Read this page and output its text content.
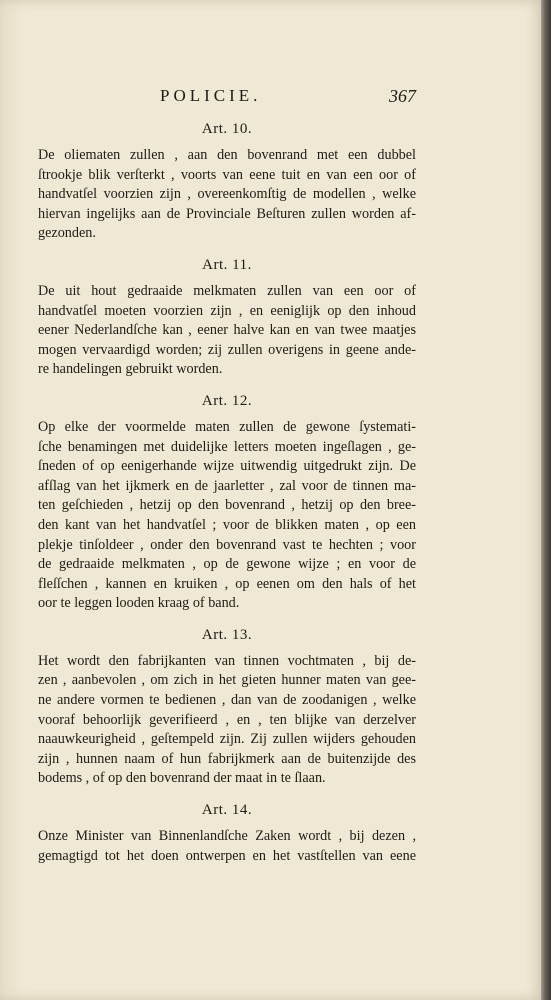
POLICIE.	367
Art. 10.
De oliematen zullen , aan den bovenrand met een dubbel
ſtrookje blik verſterkt , voorts van eene tuit en van een oor of
handvatſel voorzien zijn , overeenkomſtig de modellen , welke
hiervan ingelijks aan de Provinciale Beſturen zullen worden af-
gezonden.
Art. 11.
De uit hout gedraaide melkmaten zullen van een oor of
handvatſel moeten voorzien zijn , en eeniglijk op den inhoud
eener Nederlandſche kan , eener halve kan en van twee maatjes
mogen vervaardigd worden; zij zullen overigens in geene ande-
re handelingen gebruikt worden.
Art. 12.
Op elke der voormelde maten zullen de gewone ſystemati-
ſche benamingen met duidelijke letters moeten ingeſlagen , ge-
ſneden of op eenigerhande wijze uitwendig uitgedrukt zijn. De
afſlag van het ijkmerk en de jaarletter , zal voor de tinnen ma-
ten geſchieden , hetzij op den bovenrand , hetzij op den bree-
den kant van het handvatſel ; voor de blikken maten , op een
plekje tinſoldeer , onder den bovenrand vast te hechten ; voor
de gedraaide melkmaten , op de gewone wijze ; en voor de
fleſſchen , kannen en kruiken , op eenen om den hals of het
oor te leggen looden kraag of band.
Art. 13.
Het wordt den fabrijkanten van tinnen vochtmaten , bij de-
zen , aanbevolen , om zich in het gieten hunner maten van gee-
ne andere vormen te bedienen , dan van de zoodanigen , welke
vooraf behoorlijk geverifieerd , en , ten blijke van derzelver
naauwkeurigheid , geſtempeld zijn. Zij zullen wijders gehouden
zijn , hunnen naam of hun fabrijkmerk aan de buitenzijde des
bodems , of op den bovenrand der maat in te ſlaan.
Art. 14.
Onze Minister van Binnenlandſche Zaken wordt , bij dezen ,
gemagtigd tot het doen ontwerpen en het vastſtellen van eene
